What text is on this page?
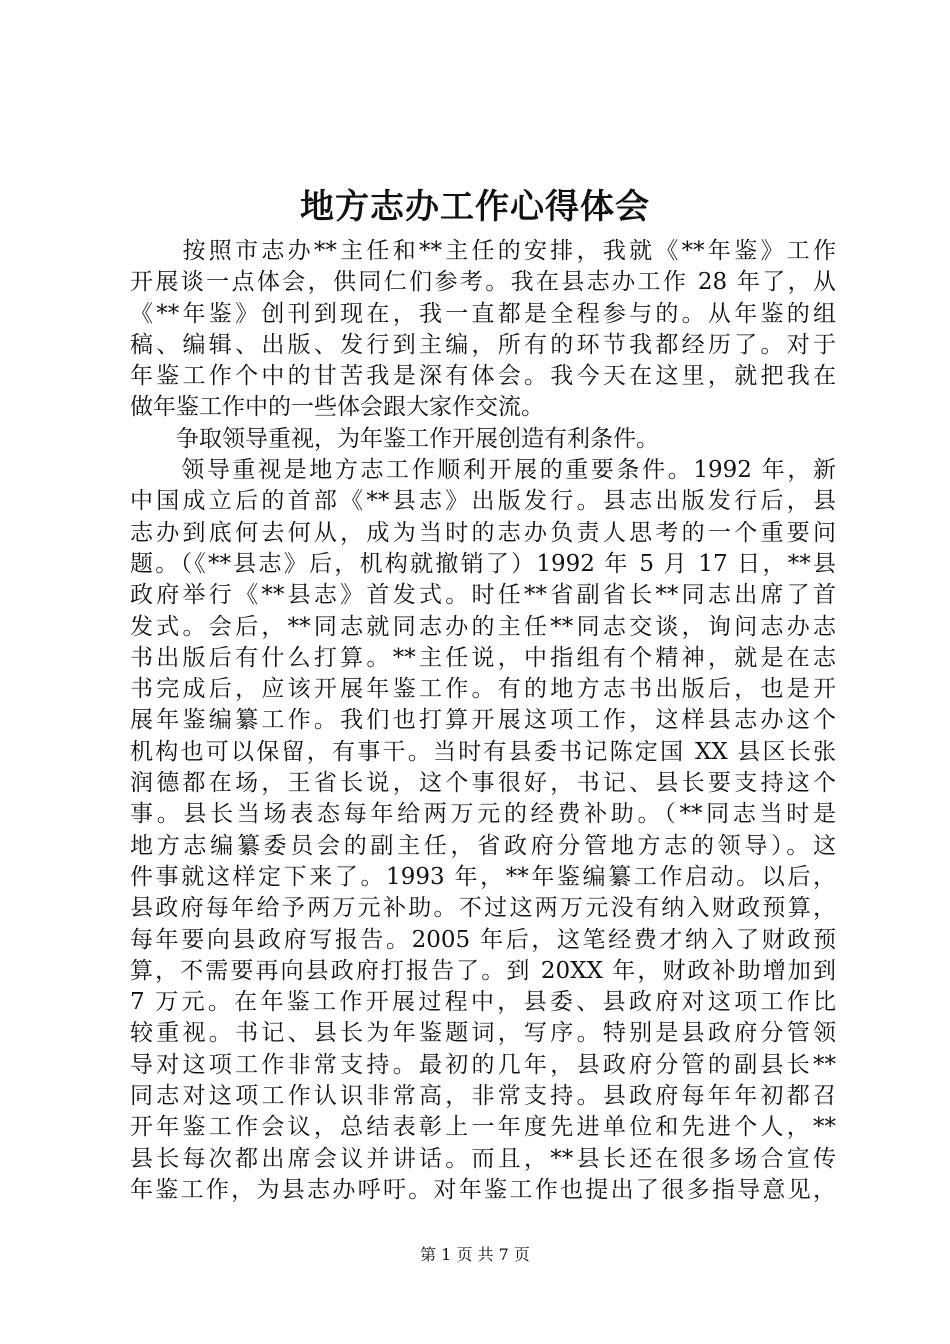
地方志办工作心得体会
　　按照市志办**主任和**主任的安排，我就《**年鉴》工作
开展谈一点体会，供同仁们参考。我在县志办工作 28 年了，从
《**年鉴》创刊到现在，我一直都是全程参与的。从年鉴的组
稿、编辑、出版、发行到主编，所有的环节我都经历了。对于
年鉴工作个中的甘苦我是深有体会。我今天在这里，就把我在
做年鉴工作中的一些体会跟大家作交流。
　　争取领导重视，为年鉴工作开展创造有利条件。
　　领导重视是地方志工作顺利开展的重要条件。1992 年，新
中国成立后的首部《**县志》出版发行。县志出版发行后，县
志办到底何去何从，成为当时的志办负责人思考的一个重要问
题。（《**县志》后，机构就撤销了）1992 年 5 月 17 日，**县
政府举行《**县志》首发式。时任**省副省长**同志出席了首
发式。会后，**同志就同志办的主任**同志交谈，询问志办志
书出版后有什么打算。**主任说，中指组有个精神，就是在志
书完成后，应该开展年鉴工作。有的地方志书出版后，也是开
展年鉴编纂工作。我们也打算开展这项工作，这样县志办这个
机构也可以保留，有事干。当时有县委书记陈定国 XX 县区长张
润德都在场，王省长说，这个事很好，书记、县长要支持这个
事。县长当场表态每年给两万元的经费补助。（**同志当时是
地方志编纂委员会的副主任，省政府分管地方志的领导）。这
件事就这样定下来了。1993 年，**年鉴编纂工作启动。以后，
县政府每年给予两万元补助。不过这两万元没有纳入财政预算，
每年要向县政府写报告。2005 年后，这笔经费才纳入了财政预
算，不需要再向县政府打报告了。到 20XX 年，财政补助增加到
7 万元。在年鉴工作开展过程中，县委、县政府对这项工作比
较重视。书记、县长为年鉴题词，写序。特别是县政府分管领
导对这项工作非常支持。最初的几年，县政府分管的副县长**
同志对这项工作认识非常高，非常支持。县政府每年年初都召
开年鉴工作会议，总结表彰上一年度先进单位和先进个人，**
县长每次都出席会议并讲话。而且，**县长还在很多场合宣传
年鉴工作，为县志办呼吁。对年鉴工作也提出了很多指导意见，
第 1 页 共 7 页
